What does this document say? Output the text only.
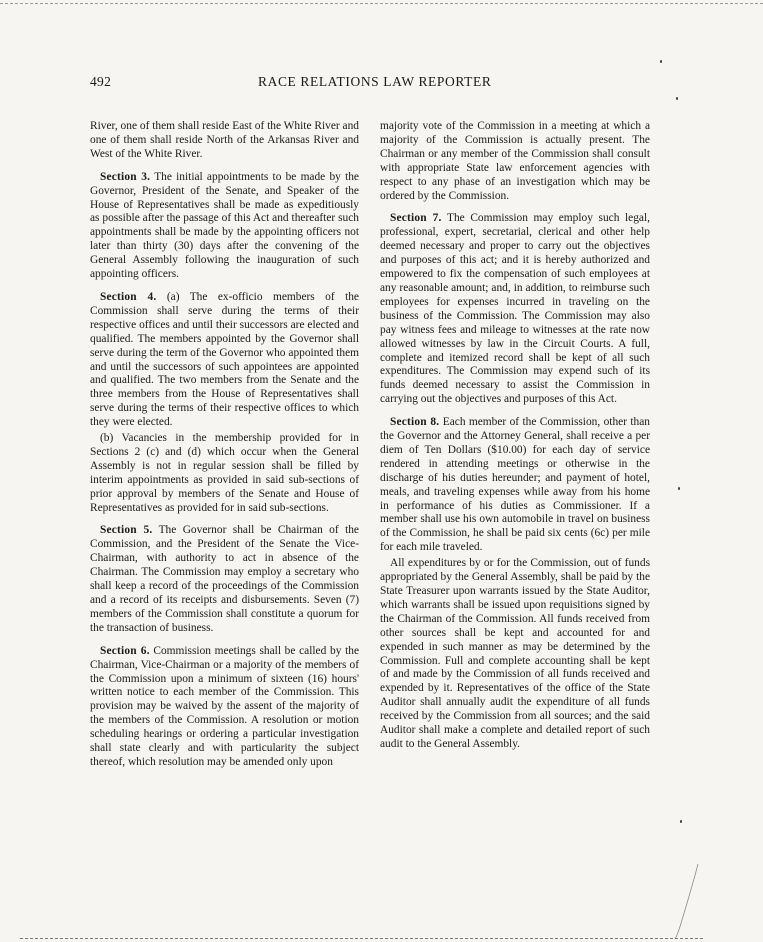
492	RACE RELATIONS LAW REPORTER

River, one of them shall reside East of the White River and one of them shall reside North of the Arkansas River and West of the White River.

Section 3. The initial appointments to be made by the Governor, President of the Senate, and Speaker of the House of Representatives shall be made as expeditiously as possible after the passage of this Act and thereafter such appointments shall be made by the appointing officers not later than thirty (30) days after the convening of the General Assembly following the inauguration of such appointing officers.

Section 4. (a) The ex-officio members of the Commission shall serve during the terms of their respective offices and until their successors are elected and qualified. The members appointed by the Governor shall serve during the term of the Governor who appointed them and until the successors of such appointees are appointed and qualified. The two members from the Senate and the three members from the House of Representatives shall serve during the terms of their respective offices to which they were elected.

(b) Vacancies in the membership provided for in Sections 2 (c) and (d) which occur when the General Assembly is not in regular session shall be filled by interim appointments as provided in said sub-sections of prior approval by members of the Senate and House of Representatives as provided for in said sub-sections.

Section 5. The Governor shall be Chairman of the Commission, and the President of the Senate the Vice-Chairman, with authority to act in absence of the Chairman. The Commission may employ a secretary who shall keep a record of the proceedings of the Commission and a record of its receipts and disbursements. Seven (7) members of the Commission shall constitute a quorum for the transaction of business.

Section 6. Commission meetings shall be called by the Chairman, Vice-Chairman or a majority of the members of the Commission upon a minimum of sixteen (16) hours' written notice to each member of the Commission. This provision may be waived by the assent of the majority of the members of the Commission. A resolution or motion scheduling hearings or ordering a particular investigation shall state clearly and with particularity the subject thereof, which resolution may be amended only upon

majority vote of the Commission in a meeting at which a majority of the Commission is actually present. The Chairman or any member of the Commission shall consult with appropriate State law enforcement agencies with respect to any phase of an investigation which may be ordered by the Commission.

Section 7. The Commission may employ such legal, professional, expert, secretarial, clerical and other help deemed necessary and proper to carry out the objectives and purposes of this act; and it is hereby authorized and empowered to fix the compensation of such employees at any reasonable amount; and, in addition, to reimburse such employees for expenses incurred in traveling on the business of the Commission. The Commission may also pay witness fees and mileage to witnesses at the rate now allowed witnesses by law in the Circuit Courts. A full, complete and itemized record shall be kept of all such expenditures. The Commission may expend such of its funds deemed necessary to assist the Commission in carrying out the objectives and purposes of this Act.

Section 8. Each member of the Commission, other than the Governor and the Attorney General, shall receive a per diem of Ten Dollars ($10.00) for each day of service rendered in attending meetings or otherwise in the discharge of his duties hereunder; and payment of hotel, meals, and traveling expenses while away from his home in performance of his duties as Commissioner. If a member shall use his own automobile in travel on business of the Commission, he shall be paid six cents (6c) per mile for each mile traveled.

All expenditures by or for the Commission, out of funds appropriated by the General Assembly, shall be paid by the State Treasurer upon warrants issued by the State Auditor, which warrants shall be issued upon requisitions signed by the Chairman of the Commission. All funds received from other sources shall be kept and accounted for and expended in such manner as may be determined by the Commission. Full and complete accounting shall be kept of and made by the Commission of all funds received and expended by it. Representatives of the office of the State Auditor shall annually audit the expenditure of all funds received by the Commission from all sources; and the said Auditor shall make a complete and detailed report of such audit to the General Assembly.
